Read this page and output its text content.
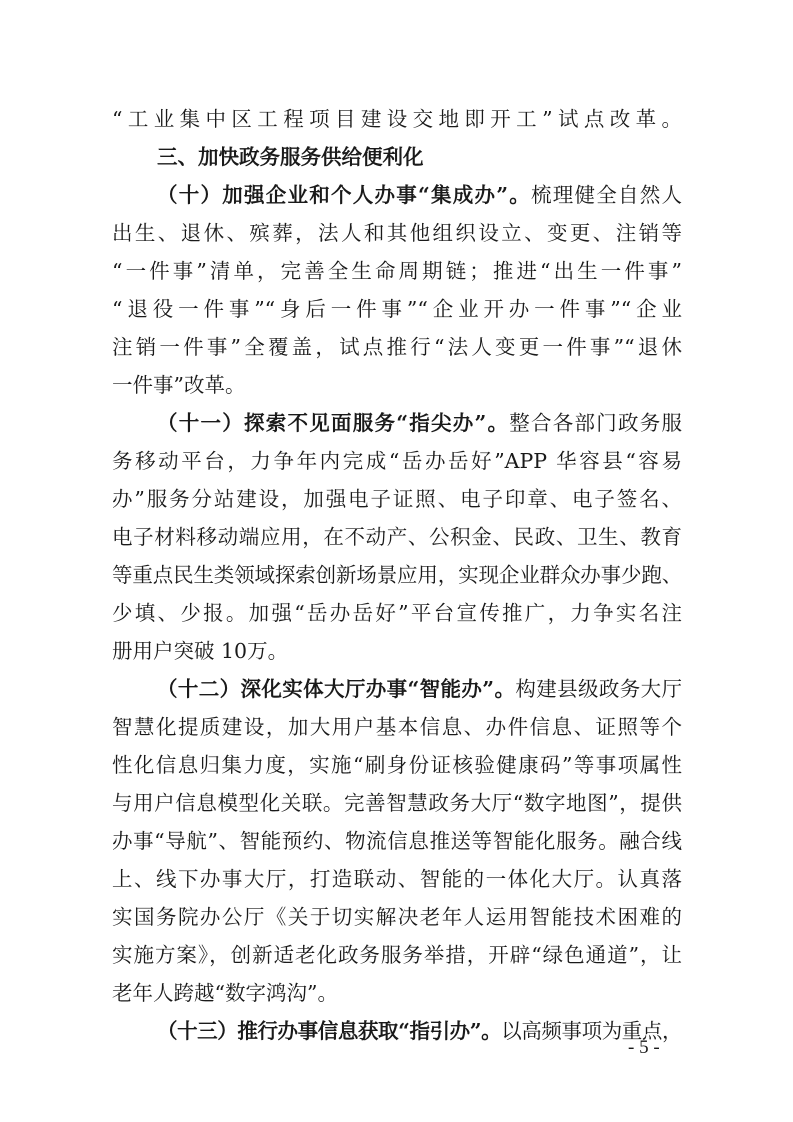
“工业集中区工程项目建设交地即开工”试点改革。
三、加快政务服务供给便利化
（十）加强企业和个人办事“集成办”。梳理健全自然人
出生、退休、殡葬，法人和其他组织设立、变更、注销等
“一件事”清单，完善全生命周期链；推进“出生一件事”
“退役一件事”“身后一件事”“企业开办一件事”“企业
注销一件事”全覆盖，试点推行“法人变更一件事”“退休
一件事”改革。
（十一）探索不见面服务“指尖办”。整合各部门政务服
务移动平台，力争年内完成“岳办岳好”APP 华容县“容易
办”服务分站建设，加强电子证照、电子印章、电子签名、
电子材料移动端应用，在不动产、公积金、民政、卫生、教育
等重点民生类领域探索创新场景应用，实现企业群众办事少跑、
少填、少报。加强“岳办岳好”平台宣传推广，力争实名注
册用户突破 10万。
（十二）深化实体大厅办事“智能办”。构建县级政务大厅
智慧化提质建设，加大用户基本信息、办件信息、证照等个
性化信息归集力度，实施“刷身份证核验健康码”等事项属性
与用户信息模型化关联。完善智慧政务大厅“数字地图”，提供
办事“导航”、智能预约、物流信息推送等智能化服务。融合线
上、线下办事大厅，打造联动、智能的一体化大厅。认真落
实国务院办公厅《关于切实解决老年人运用智能技术困难的
实施方案》，创新适老化政务服务举措，开辟“绿色通道”，让
老年人跨越“数字鸿沟”。
（十三）推行办事信息获取“指引办”。以高频事项为重点，
- 5 -
